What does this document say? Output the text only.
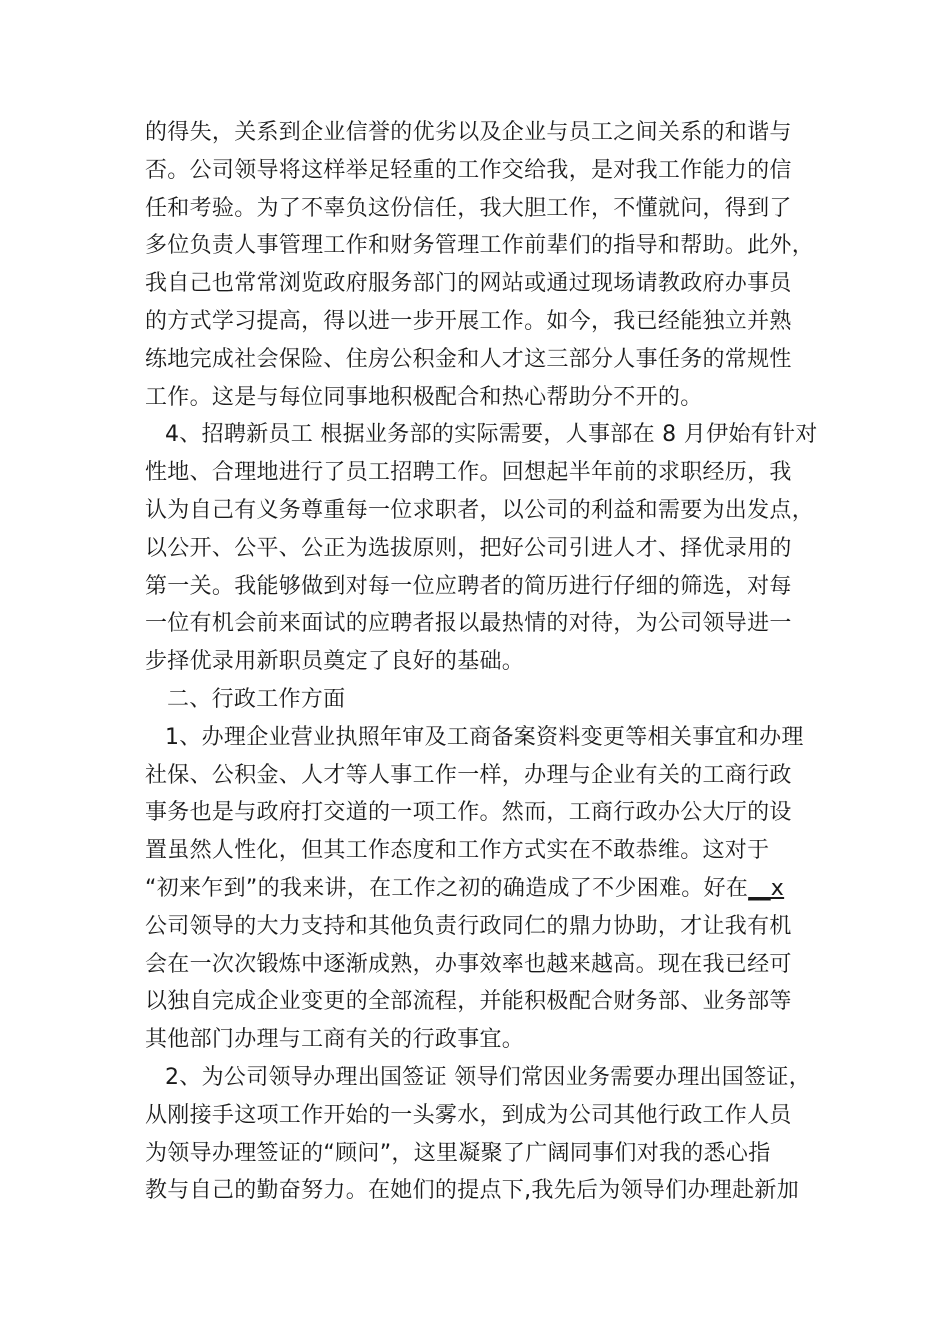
的得失，关系到企业信誉的优劣以及企业与员工之间关系的和谐与
否。公司领导将这样举足轻重的工作交给我，是对我工作能力的信
任和考验。为了不辜负这份信任，我大胆工作，不懂就问，得到了
多位负责人事管理工作和财务管理工作前辈们的指导和帮助。此外，
我自己也常常浏览政府服务部门的网站或通过现场请教政府办事员
的方式学习提高，得以进一步开展工作。如今，我已经能独立并熟
练地完成社会保险、住房公积金和人才这三部分人事任务的常规性
工作。这是与每位同事地积极配合和热心帮助分不开的。
4、招聘新员工 根据业务部的实际需要，人事部在 8 月伊始有针对
性地、合理地进行了员工招聘工作。回想起半年前的求职经历，我
认为自己有义务尊重每一位求职者，以公司的利益和需要为出发点，
以公开、公平、公正为选拔原则，把好公司引进人才、择优录用的
第一关。我能够做到对每一位应聘者的简历进行仔细的筛选，对每
一位有机会前来面试的应聘者报以最热情的对待，为公司领导进一
步择优录用新职员奠定了良好的基础。
二、行政工作方面
1、办理企业营业执照年审及工商备案资料变更等相关事宜和办理
社保、公积金、人才等人事工作一样，办理与企业有关的工商行政
事务也是与政府打交道的一项工作。然而，工商行政办公大厅的设
置虽然人性化，但其工作态度和工作方式实在不敢恭维。这对于
“初来乍到”的我来讲，在工作之初的确造成了不少困难。好在__x
公司领导的大力支持和其他负责行政同仁的鼎力协助，才让我有机
会在一次次锻炼中逐渐成熟，办事效率也越来越高。现在我已经可
以独自完成企业变更的全部流程，并能积极配合财务部、业务部等
其他部门办理与工商有关的行政事宜。
2、为公司领导办理出国签证 领导们常因业务需要办理出国签证，
从刚接手这项工作开始的一头雾水，到成为公司其他行政工作人员
为领导办理签证的“顾问”，这里凝聚了广阔同事们对我的悉心指
教与自己的勤奋努力。在她们的提点下,我先后为领导们办理赴新加
